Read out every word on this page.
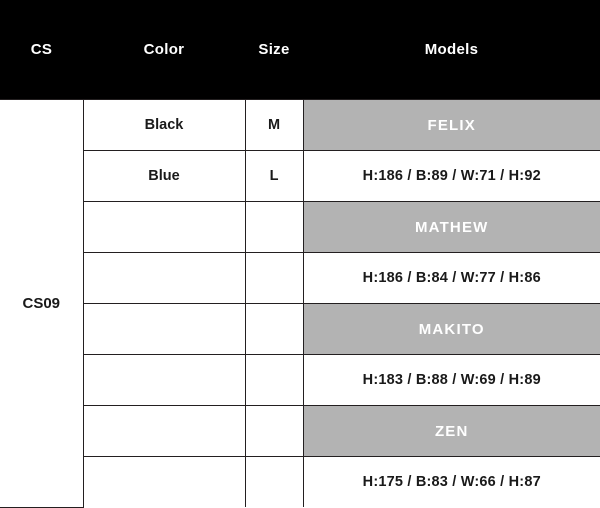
CS	Color	Size	Models
CS09	Black	M	FELIX
	Blue	L	H:186 / B:89 / W:71 / H:92
			MATHEW
			H:186 / B:84 / W:77 / H:86
			MAKITO
			H:183 / B:88 / W:69 / H:89
			ZEN
			H:175 / B:83 / W:66 / H:87
